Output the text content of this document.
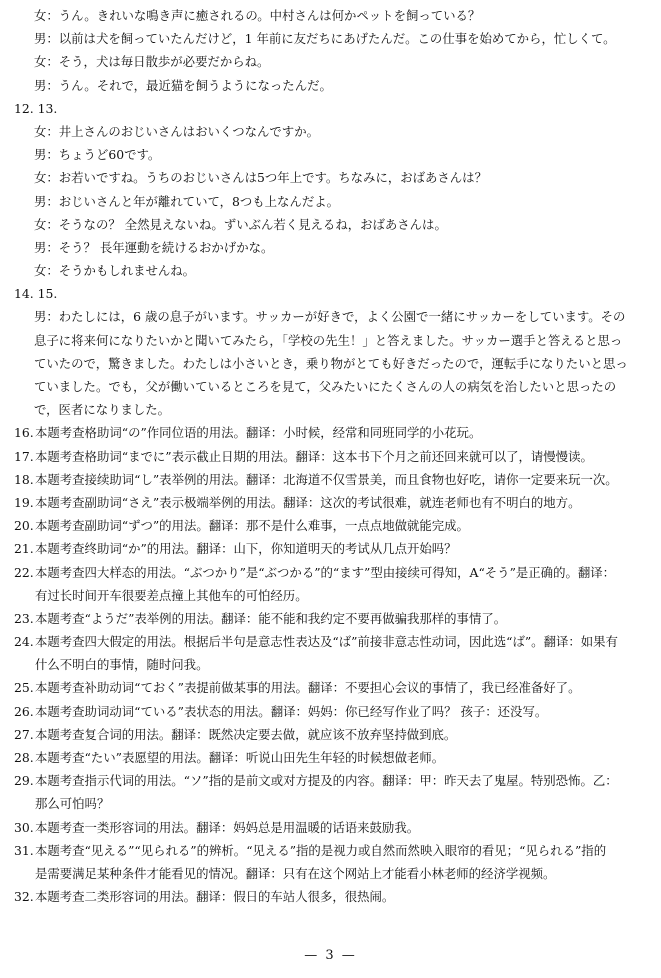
女：うん。きれいな鳴き声に癒されるの。中村さんは何かペットを飼っている？
男：以前は犬を飼っていたんだけど，1 年前に友だちにあげたんだ。この仕事を始めてから，忙しくて。
女：そう，犬は毎日散歩が必要だからね。
男：うん。それで，最近猫を飼うようになったんだ。
12. 13.
女：井上さんのおじいさんはおいくつなんですか。
男：ちょうど60です。
女：お若いですね。うちのおじいさんは5つ年上です。ちなみに，おばあさんは？
男：おじいさんと年が離れていて，8つも上なんだよ。
女：そうなの？ 全然見えないね。ずいぶん若く見えるね，おばあさんは。
男：そう？ 長年運動を続けるおかげかな。
女：そうかもしれませんね。
14. 15.
男：わたしには，6 歳の息子がいます。サッカーが好きで，よく公園で一緒にサッカーをしています。その
息子に将来何になりたいかと聞いてみたら，「学校の先生！」と答えました。サッカー選手と答えると思っ
ていたので，驚きました。わたしは小さいとき，乗り物がとても好きだったので，運転手になりたいと思っ
ていました。でも，父が働いているところを見て，父みたいにたくさんの人の病気を治したいと思ったの
で，医者になりました。
16. 本题考查格助词“の”作同位语的用法。翻译：小时候，经常和同班同学的小花玩。
17. 本题考查格助词“までに”表示截止日期的用法。翻译：这本书下个月之前还回来就可以了，请慢慢读。
18. 本题考查接续助词“し”表举例的用法。翻译：北海道不仅雪景美，而且食物也好吃，请你一定要来玩一次。
19. 本题考查副助词“さえ”表示极端举例的用法。翻译：这次的考试很难，就连老师也有不明白的地方。
20. 本题考查副助词“ずつ”的用法。翻译：那不是什么难事，一点点地做就能完成。
21. 本题考查终助词“か”的用法。翻译：山下，你知道明天的考试从几点开始吗？
22. 本题考查四大样态的用法。“ぶつかり”是“ぶつかる”的“ます”型由接续可得知，A“そう”是正确的。翻译：
有过长时间开车很要差点撞上其他车的可怕经历。
23. 本题考查“ようだ”表举例的用法。翻译：能不能和我约定不要再做骗我那样的事情了。
24. 本题考查四大假定的用法。根据后半句是意志性表达及“ば”前接非意志性动词，因此选“ば”。翻译：如果有
什么不明白的事情，随时问我。
25. 本题考查补助动词“ておく”表提前做某事的用法。翻译：不要担心会议的事情了，我已经准备好了。
26. 本题考查助词动词“ている”表状态的用法。翻译：妈妈：你已经写作业了吗？ 孩子：还没写。
27. 本题考查复合词的用法。翻译：既然决定要去做，就应该不放弃坚持做到底。
28. 本题考查“たい”表愿望的用法。翻译：听说山田先生年轻的时候想做老师。
29. 本题考查指示代词的用法。“ソ”指的是前文或对方提及的内容。翻译：甲：昨天去了鬼屋。特别恐怖。乙：
那么可怕吗？
30. 本题考查一类形容词的用法。翻译：妈妈总是用温暖的话语来鼓励我。
31. 本题考查“见える”“见られる”的辨析。“见える”指的是视力或自然而然映入眼帘的看见；“见られる”指的
是需要满足某种条件才能看见的情况。翻译：只有在这个网站上才能看小林老师的经济学视频。
32. 本题考查二类形容词的用法。翻译：假日的车站人很多，很热闹。
— 3 —
